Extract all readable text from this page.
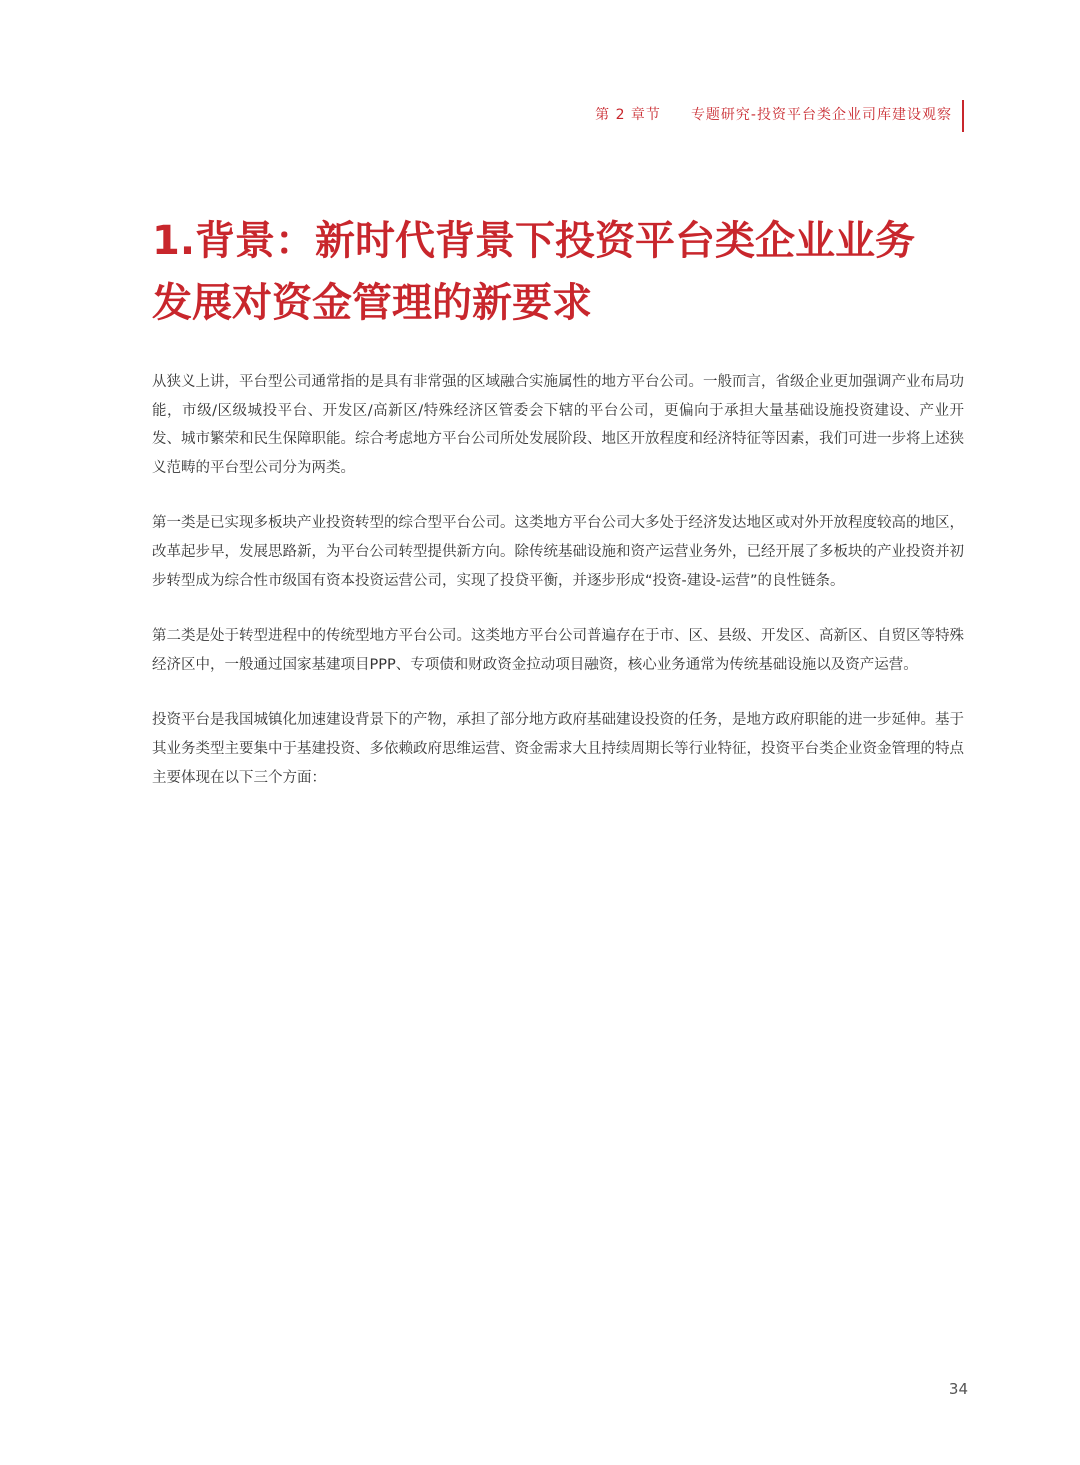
第 2 章节 专题研究-投资平台类企业司库建设观察
1.背景：新时代背景下投资平台类企业业务
发展对资金管理的新要求

从狭义上讲，平台型公司通常指的是具有非常强的区域融合实施属性的地方平台公司。一般而言，省级企业更加强调产业布局功能，市级/区级城投平台、开发区/高新区/特殊经济区管委会下辖的平台公司，更偏向于承担大量基础设施投资建设、产业开发、城市繁荣和民生保障职能。综合考虑地方平台公司所处发展阶段、地区开放程度和经济特征等因素，我们可进一步将上述狭义范畴的平台型公司分为两类。

第一类是已实现多板块产业投资转型的综合型平台公司。这类地方平台公司大多处于经济发达地区或对外开放程度较高的地区，改革起步早，发展思路新，为平台公司转型提供新方向。除传统基础设施和资产运营业务外，已经开展了多板块的产业投资并初步转型成为综合性市级国有资本投资运营公司，实现了投贷平衡，并逐步形成“投资-建设-运营”的良性链条。

第二类是处于转型进程中的传统型地方平台公司。这类地方平台公司普遍存在于市、区、县级、开发区、高新区、自贸区等特殊经济区中，一般通过国家基建项目PPP、专项债和财政资金拉动项目融资，核心业务通常为传统基础设施以及资产运营。

投资平台是我国城镇化加速建设背景下的产物，承担了部分地方政府基础建设投资的任务，是地方政府职能的进一步延伸。基于其业务类型主要集中于基建投资、多依赖政府思维运营、资金需求大且持续周期长等行业特征，投资平台类企业资金管理的特点主要体现在以下三个方面：

34
